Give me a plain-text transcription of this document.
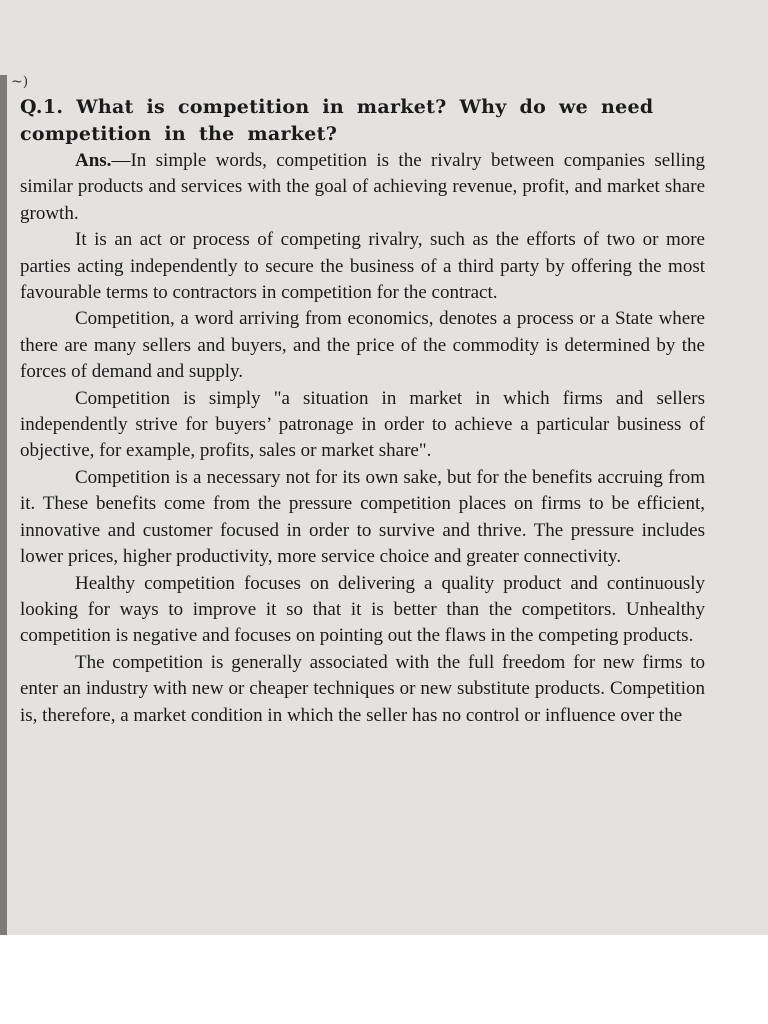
~)

Q.1. What is competition in market? Why do we need competition in the market?

Ans.—In simple words, competition is the rivalry between companies selling similar products and services with the goal of achieving revenue, profit, and market share growth.

It is an act or process of competing rivalry, such as the efforts of two or more parties acting independently to secure the business of a third party by offering the most favourable terms to contractors in competition for the contract.

Competition, a word arriving from economics, denotes a process or a State where there are many sellers and buyers, and the price of the commodity is determined by the forces of demand and supply.

Competition is simply "a situation in market in which firms and sellers independently strive for buyers’ patronage in order to achieve a particular business of objective, for example, profits, sales or market share".

Competition is a necessary not for its own sake, but for the benefits accruing from it. These benefits come from the pressure competition places on firms to be efficient, innovative and customer focused in order to survive and thrive. The pressure includes lower prices, higher productivity, more service choice and greater connectivity.

Healthy competition focuses on delivering a quality product and continuously looking for ways to improve it so that it is better than the competitors. Unhealthy competition is negative and focuses on pointing out the flaws in the competing products.

The competition is generally associated with the full freedom for new firms to enter an industry with new or cheaper techniques or new substitute products. Competition is, therefore, a market condition in which the seller has no control or influence over the
